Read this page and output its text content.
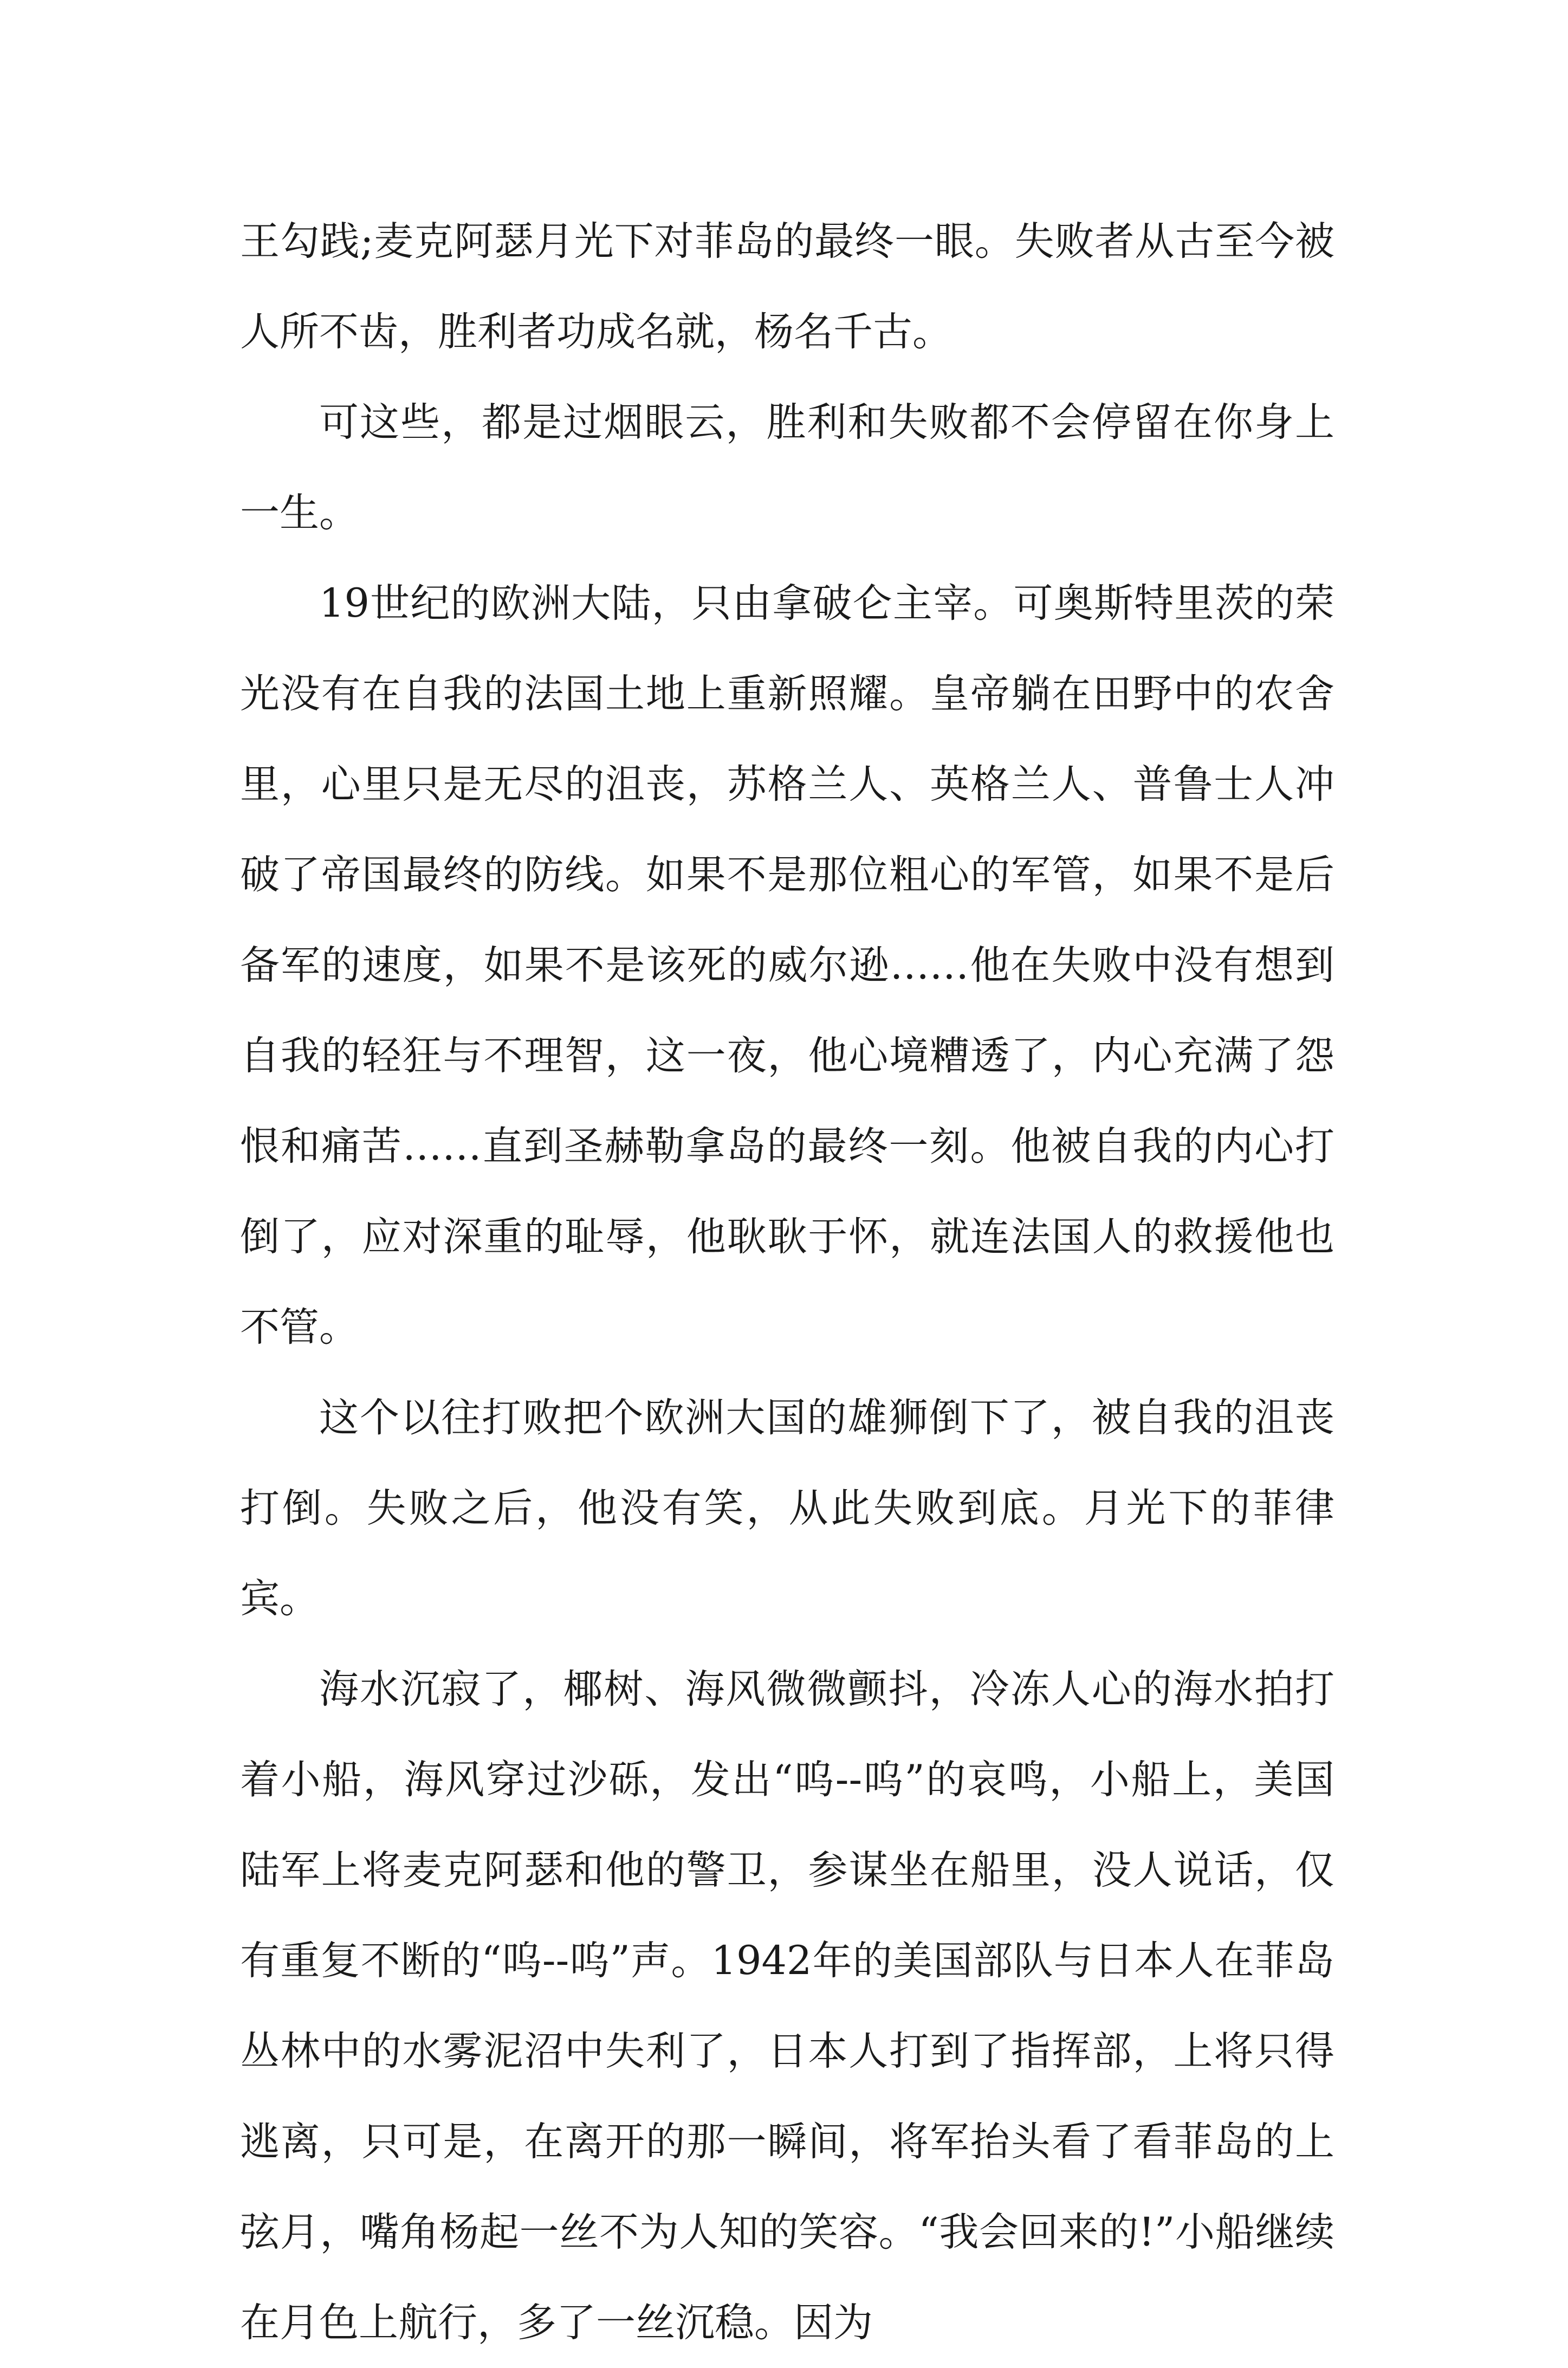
王勾践;麦克阿瑟月光下对菲岛的最终一眼。失败者从古至今被人所不齿，胜利者功成名就，杨名千古。

可这些，都是过烟眼云，胜利和失败都不会停留在你身上一生。

19世纪的欧洲大陆，只由拿破仑主宰。可奥斯特里茨的荣光没有在自我的法国土地上重新照耀。皇帝躺在田野中的农舍里，心里只是无尽的沮丧，苏格兰人、英格兰人、普鲁士人冲破了帝国最终的防线。如果不是那位粗心的军管，如果不是后备军的速度，如果不是该死的威尔逊……他在失败中没有想到自我的轻狂与不理智，这一夜，他心境糟透了，内心充满了怨恨和痛苦……直到圣赫勒拿岛的最终一刻。他被自我的内心打倒了，应对深重的耻辱，他耿耿于怀，就连法国人的救援他也不管。

这个以往打败把个欧洲大国的雄狮倒下了，被自我的沮丧打倒。失败之后，他没有笑，从此失败到底。月光下的菲律宾。

海水沉寂了，椰树、海风微微颤抖，冷冻人心的海水拍打着小船，海风穿过沙砾，发出“呜--呜”的哀鸣，小船上，美国陆军上将麦克阿瑟和他的警卫，参谋坐在船里，没人说话，仅有重复不断的“呜--呜”声。1942年的美国部队与日本人在菲岛丛林中的水雾泥沼中失利了，日本人打到了指挥部，上将只得逃离，只可是，在离开的那一瞬间，将军抬头看了看菲岛的上弦月，嘴角杨起一丝不为人知的笑容。“我会回来的!”小船继续在月色上航行，多了一丝沉稳。因为
